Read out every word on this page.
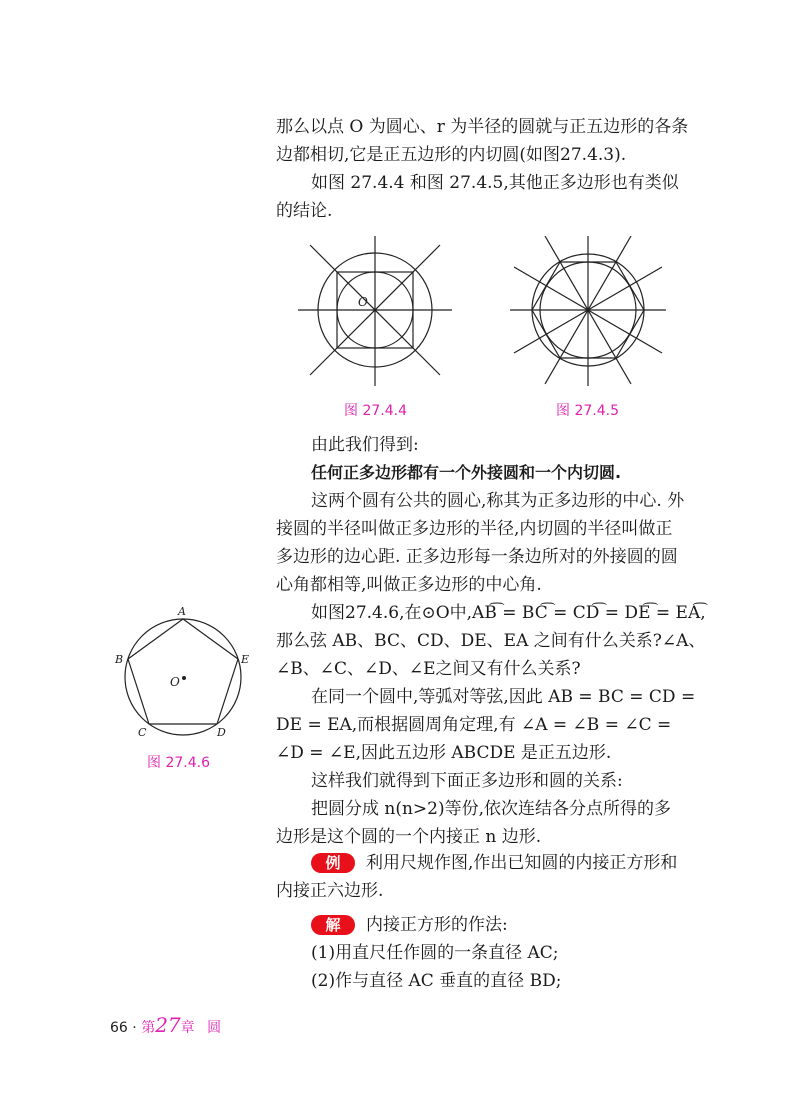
那么以点 O 为圆心、r 为半径的圆就与正五边形的各条

边都相切,它是正五边形的内切圆(如图27.4.3).

如图 27.4.4 和图 27.4.5,其他正多边形也有类似

的结论.

O
图 27.4.4	图 27.4.5

由此我们得到:

任何正多边形都有一个外接圆和一个内切圆.

这两个圆有公共的圆心,称其为正多边形的中心. 外

接圆的半径叫做正多边形的半径,内切圆的半径叫做正

多边形的边心距. 正多边形每一条边所对的外接圆的圆

心角都相等,叫做正多边形的中心角.

如图27.4.6,在⊙O中,AB͡ = BC͡ = CD͡ = DE͡ = EA͡,

那么弦 AB、BC、CD、DE、EA 之间有什么关系?∠A、

∠B、∠C、∠D、∠E之间又有什么关系?

在同一个圆中,等弧对等弦,因此 AB = BC = CD =

DE = EA,而根据圆周角定理,有 ∠A = ∠B = ∠C =

∠D = ∠E,因此五边形 ABCDE 是正五边形.

这样我们就得到下面正多边形和圆的关系:

把圆分成 n(n>2)等份,依次连结各分点所得的多

边形是这个圆的一个内接正 n 边形.

A
B
C	D
E
O
图 27.4.6
例	利用尺规作图,作出已知圆的内接正方形和

内接正六边形.

解	内接正方形的作法:

(1)用直尺任作圆的一条直径 AC;

(2)作与直径 AC 垂直的直径 BD;

66 · 第27章 圆
